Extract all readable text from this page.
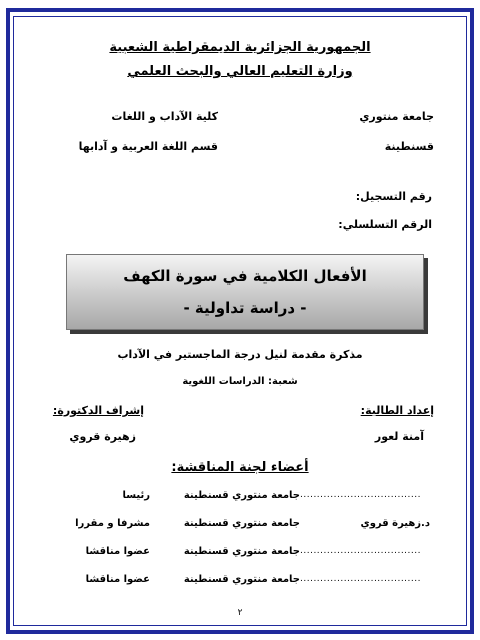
الجمهورية الجزائرية الديمقراطية الشعبية
وزارة التعليم العالي والبحث العلمي
جامعة منتوري
قسنطينة
كلية الآداب و اللغات
قسم اللغة العربية و آدابها
رقم التسجيل:
الرقم التسلسلي:
الأفعال الكلامية في سورة الكهف
- دراسة تداولية -
مذكرة مقدمة لنيل درجة الماجستير في الآداب
شعبة: الدراسات اللغوية
إعداد الطالبة:
آمنة لعور
إشراف الدكتورة:
زهيرة قروي
أعضاء لجنة المناقشة:
....................................
جامعة منتوري قسنطينة
رئيسا
د.زهيرة قروي
جامعة منتوري قسنطينة
مشرفا و مقررا
....................................
جامعة منتوري قسنطينة
عضوا مناقشا
....................................
جامعة منتوري قسنطينة
عضوا مناقشا
٢
